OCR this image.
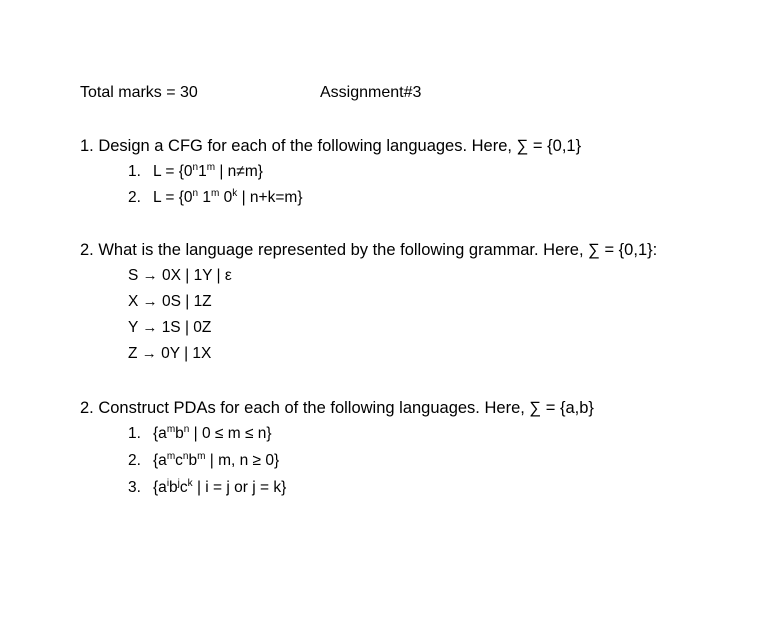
Total marks = 30	Assignment#3
1. Design a CFG for each of the following languages. Here, ∑ = {0,1}
1. $L = \{0^n1^m$ | n≠m}
2. $L = \{0^n$ 1$^m$ 0$^k$ | n+k=m}
2. What is the language represented by the following grammar. Here, ∑ = {0,1}:
S → 0X | 1Y | ε
X → 0S | 1Z
Y → 1S | 0Z
Z → 0Y | 1X
2. Construct PDAs for each of the following languages. Here, ∑ = {a,b}
1. {$a^mb^n$ | 0 ≤ m ≤ n}
2. {$a^mc^nb^m$ | m, n ≥ 0}
3. {$a^ib^jc^k$ | i = j or j = k}
